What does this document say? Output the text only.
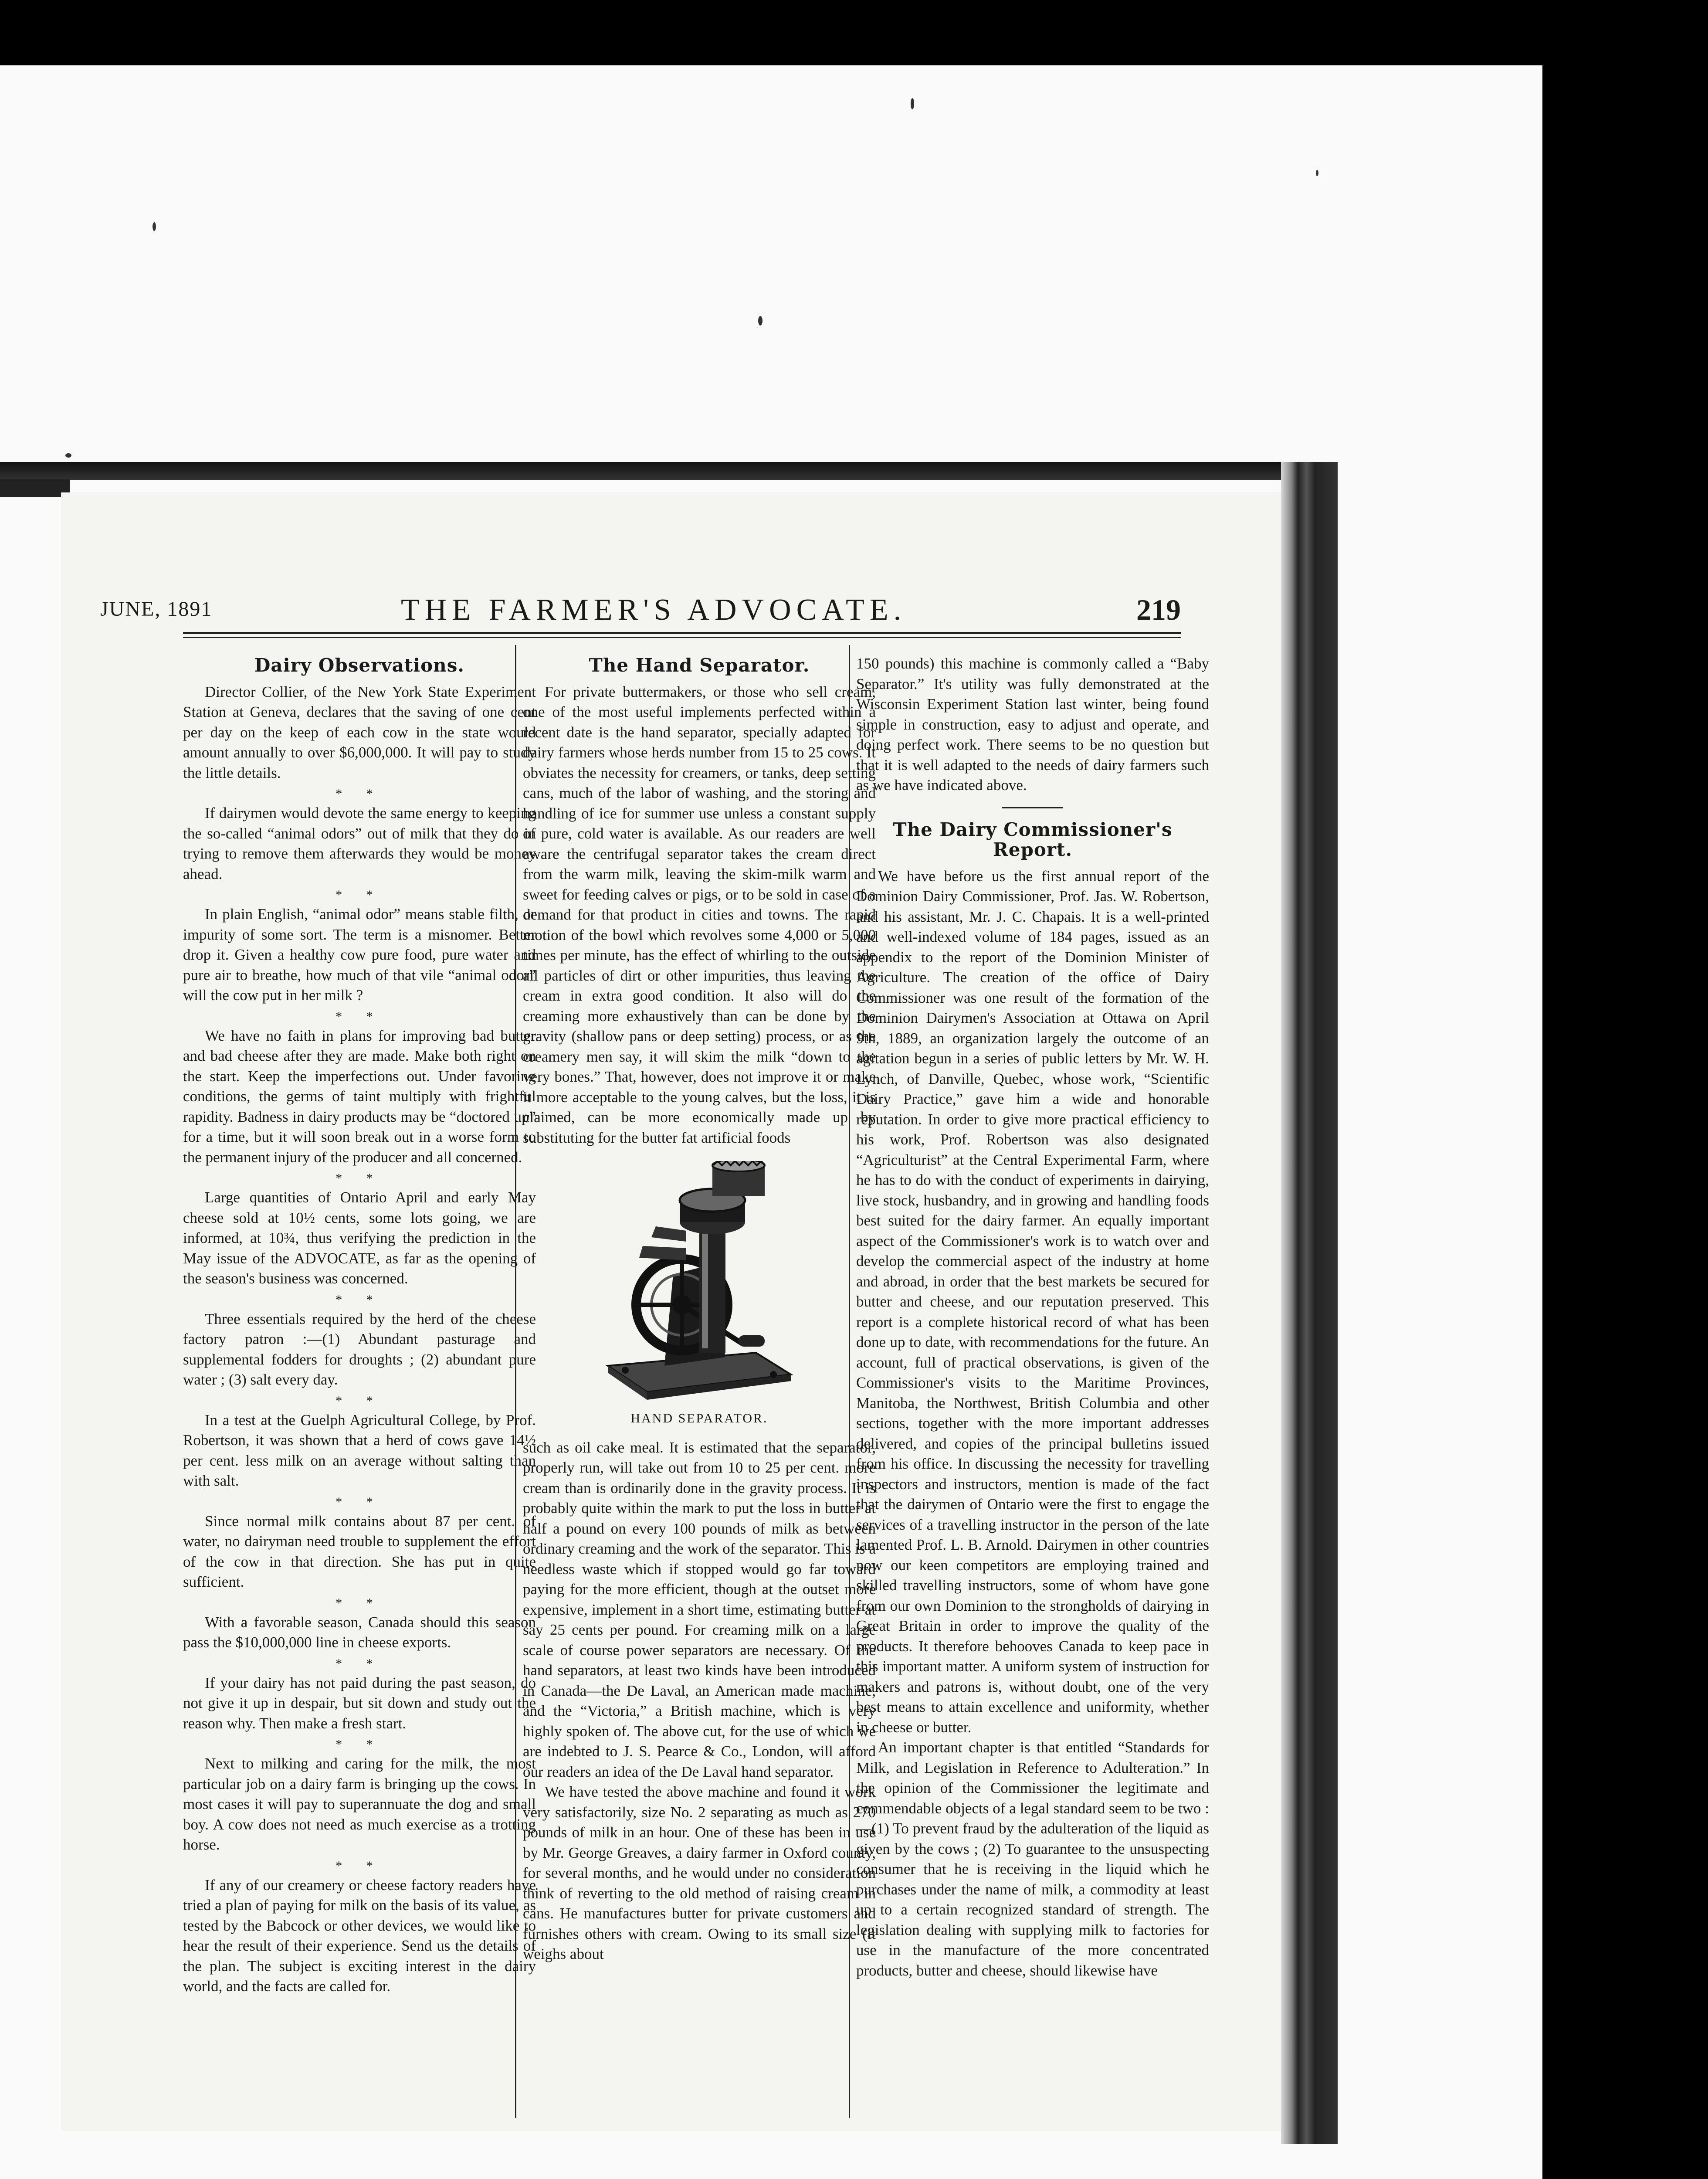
JUNE, 1891	THE FARMER'S ADVOCATE.	219
Dairy Observations.

Director Collier, of the New York State Experiment Station at Geneva, declares that the saving of one cent per day on the keep of each cow in the state would amount annually to over $6,000,000. It will pay to study the little details.

* *

If dairymen would devote the same energy to keeping the so-called “animal odors” out of milk that they do in trying to remove them afterwards they would be money ahead.

* *

In plain English, “animal odor” means stable filth, or impurity of some sort. The term is a misnomer. Better drop it. Given a healthy cow pure food, pure water and pure air to breathe, how much of that vile “animal odor” will the cow put in her milk ?

* *

We have no faith in plans for improving bad butter and bad cheese after they are made. Make both right on the start. Keep the imperfections out. Under favoring conditions, the germs of taint multiply with frightful rapidity. Badness in dairy products may be “doctored up” for a time, but it will soon break out in a worse form to the permanent injury of the producer and all concerned.

* *

Large quantities of Ontario April and early May cheese sold at 10½ cents, some lots going, we are informed, at 10¾, thus verifying the prediction in the May issue of the ADVOCATE, as far as the opening of the season's business was concerned.

* *

Three essentials required by the herd of the cheese factory patron :—(1) Abundant pasturage and supplemental fodders for droughts ; (2) abundant pure water ; (3) salt every day.

* *

In a test at the Guelph Agricultural College, by Prof. Robertson, it was shown that a herd of cows gave 14½ per cent. less milk on an average without salting than with salt.

* *

Since normal milk contains about 87 per cent. of water, no dairyman need trouble to supplement the effort of the cow in that direction. She has put in quite sufficient.

* *

With a favorable season, Canada should this season pass the $10,000,000 line in cheese exports.

* *

If your dairy has not paid during the past season, do not give it up in despair, but sit down and study out the reason why. Then make a fresh start.

* *

Next to milking and caring for the milk, the most particular job on a dairy farm is bringing up the cows. In most cases it will pay to superannuate the dog and small boy. A cow does not need as much exercise as a trotting horse.

* *

If any of our creamery or cheese factory readers have tried a plan of paying for milk on the basis of its value, as tested by the Babcock or other devices, we would like to hear the result of their experience. Send us the details of the plan. The subject is exciting interest in the dairy world, and the facts are called for.

The Hand Separator.

For private buttermakers, or those who sell cream, one of the most useful implements perfected within a recent date is the hand separator, specially adapted for dairy farmers whose herds number from 15 to 25 cows. It obviates the necessity for creamers, or tanks, deep setting cans, much of the labor of washing, and the storing and handling of ice for summer use unless a constant supply of pure, cold water is available. As our readers are well aware the centrifugal separator takes the cream direct from the warm milk, leaving the skim-milk warm and sweet for feeding calves or pigs, or to be sold in case of a demand for that product in cities and towns. The rapid motion of the bowl which revolves some 4,000 or 5,000 times per minute, has the effect of whirling to the outside all particles of dirt or other impurities, thus leaving the cream in extra good condition. It also will do the creaming more exhaustively than can be done by the gravity (shallow pans or deep setting) process, or as the creamery men say, it will skim the milk “down to the very bones.” That, however, does not improve it or make it more acceptable to the young calves, but the loss, it is claimed, can be more economically made up by substituting for the butter fat artificial foods

HAND SEPARATOR.

such as oil cake meal. It is estimated that the separator, properly run, will take out from 10 to 25 per cent. more cream than is ordinarily done in the gravity process. It is probably quite within the mark to put the loss in butter at half a pound on every 100 pounds of milk as between ordinary creaming and the work of the separator. This is a needless waste which if stopped would go far toward paying for the more efficient, though at the outset more expensive, implement in a short time, estimating butter at say 25 cents per pound. For creaming milk on a large scale of course power separators are necessary. Of the hand separators, at least two kinds have been introduced in Canada—the De Laval, an American made machine, and the “Victoria,” a British machine, which is very highly spoken of. The above cut, for the use of which we are indebted to J. S. Pearce & Co., London, will afford our readers an idea of the De Laval hand separator.

We have tested the above machine and found it work very satisfactorily, size No. 2 separating as much as 270 pounds of milk in an hour. One of these has been in use by Mr. George Greaves, a dairy farmer in Oxford county, for several months, and he would under no consideration think of reverting to the old method of raising cream in cans. He manufactures butter for private customers and furnishes others with cream. Owing to its small size (it weighs about

150 pounds) this machine is commonly called a “Baby Separator.” It's utility was fully demonstrated at the Wisconsin Experiment Station last winter, being found simple in construction, easy to adjust and operate, and doing perfect work. There seems to be no question but that it is well adapted to the needs of dairy farmers such as we have indicated above.

The Dairy Commissioner's Report.

We have before us the first annual report of the Dominion Dairy Commissioner, Prof. Jas. W. Robertson, and his assistant, Mr. J. C. Chapais. It is a well-printed and well-indexed volume of 184 pages, issued as an appendix to the report of the Dominion Minister of Agriculture. The creation of the office of Dairy Commissioner was one result of the formation of the Dominion Dairymen's Association at Ottawa on April 9th, 1889, an organization largely the outcome of an agitation begun in a series of public letters by Mr. W. H. Lynch, of Danville, Quebec, whose work, “Scientific Dairy Practice,” gave him a wide and honorable reputation. In order to give more practical efficiency to his work, Prof. Robertson was also designated “Agriculturist” at the Central Experimental Farm, where he has to do with the conduct of experiments in dairying, live stock, husbandry, and in growing and handling foods best suited for the dairy farmer. An equally important aspect of the Commissioner's work is to watch over and develop the commercial aspect of the industry at home and abroad, in order that the best markets be secured for butter and cheese, and our reputation preserved. This report is a complete historical record of what has been done up to date, with recommendations for the future. An account, full of practical observations, is given of the Commissioner's visits to the Maritime Provinces, Manitoba, the Northwest, British Columbia and other sections, together with the more important addresses delivered, and copies of the principal bulletins issued from his office. In discussing the necessity for travelling inspectors and instructors, mention is made of the fact that the dairymen of Ontario were the first to engage the services of a travelling instructor in the person of the late lamented Prof. L. B. Arnold. Dairymen in other countries now our keen competitors are employing trained and skilled travelling instructors, some of whom have gone from our own Dominion to the strongholds of dairying in Great Britain in order to improve the quality of the products. It therefore behooves Canada to keep pace in this important matter. A uniform system of instruction for makers and patrons is, without doubt, one of the very best means to attain excellence and uniformity, whether in cheese or butter.

An important chapter is that entitled “Standards for Milk, and Legislation in Reference to Adulteration.” In the opinion of the Commissioner the legitimate and commendable objects of a legal standard seem to be two :—(1) To prevent fraud by the adulteration of the liquid as given by the cows ; (2) To guarantee to the unsuspecting consumer that he is receiving in the liquid which he purchases under the name of milk, a commodity at least up to a certain recognized standard of strength. The legislation dealing with supplying milk to factories for use in the manufacture of the more concentrated products, butter and cheese, should likewise have
